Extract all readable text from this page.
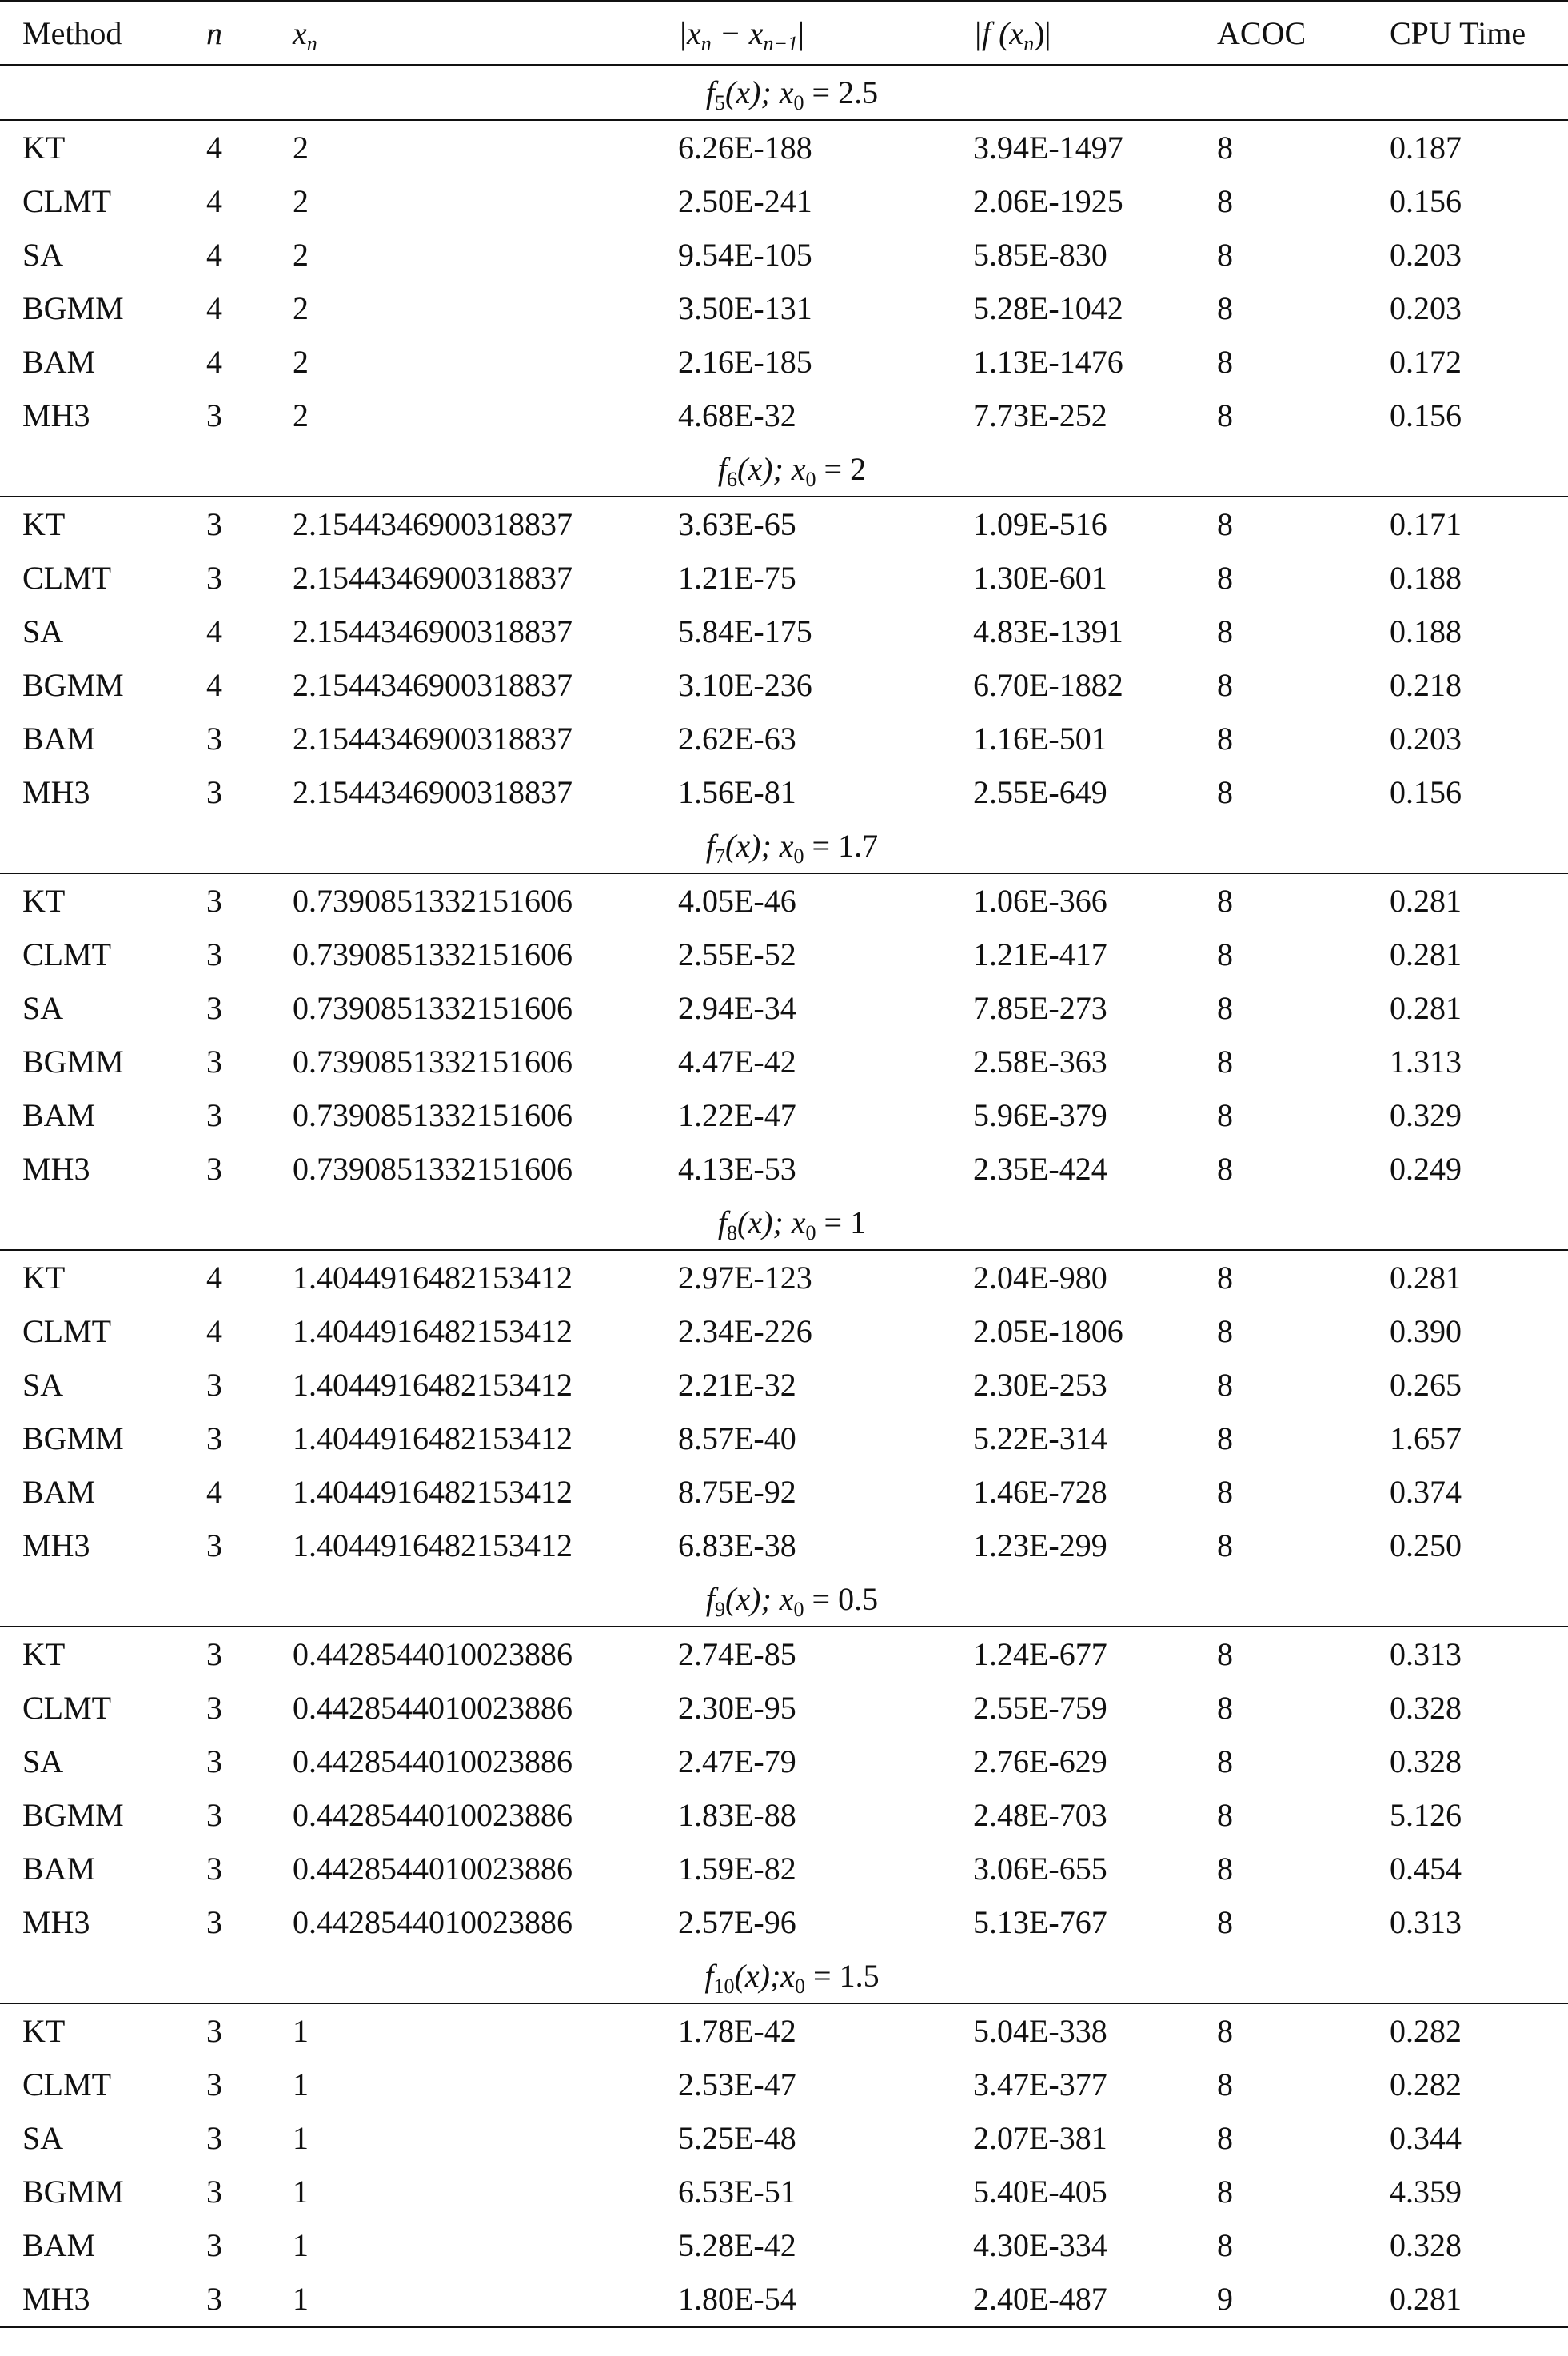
Method	n $x_n$	$|x_n - x_{n-1}|$	|f $(x_n)|$	ACOC	CPU Time
$f_5(x)$; $x_0 = 2.5$
KT	4 2	6.26E-188	3.94E-1497	8	0.187
CLMT	4 2	2.50E-241	2.06E-1925	8	0.156
SA	4 2	9.54E-105	5.85E-830	8	0.203
BGMM	4 2	3.50E-131	5.28E-1042	8	0.203
BAM	4 2	2.16E-185	1.13E-1476	8	0.172
MH3	3 2	4.68E-32	7.73E-252	8	0.156
$f_6(x)$; $x_0 = 2$
KT	3 2.1544346900318837	3.63E-65	1.09E-516	8	0.171
CLMT	3 2.1544346900318837	1.21E-75	1.30E-601	8	0.188
SA	4 2.1544346900318837	5.84E-175	4.83E-1391	8	0.188
BGMM	4 2.1544346900318837	3.10E-236	6.70E-1882	8	0.218
BAM	3 2.1544346900318837	2.62E-63	1.16E-501	8	0.203
MH3	3 2.1544346900318837	1.56E-81	2.55E-649	8	0.156
$f_7(x)$; $x_0 = 1.7$
KT	3 0.7390851332151606	4.05E-46	1.06E-366	8	0.281
CLMT	3 0.7390851332151606	2.55E-52	1.21E-417	8	0.281
SA	3 0.7390851332151606	2.94E-34	7.85E-273	8	0.281
BGMM	3 0.7390851332151606	4.47E-42	2.58E-363	8	1.313
BAM	3 0.7390851332151606	1.22E-47	5.96E-379	8	0.329
MH3	3 0.7390851332151606	4.13E-53	2.35E-424	8	0.249
$f_8(x)$; $x_0 = 1$
KT	4 1.4044916482153412	2.97E-123	2.04E-980	8	0.281
CLMT	4 1.4044916482153412	2.34E-226	2.05E-1806	8	0.390
SA	3 1.4044916482153412	2.21E-32	2.30E-253	8	0.265
BGMM	3 1.4044916482153412	8.57E-40	5.22E-314	8	1.657
BAM	4 1.4044916482153412	8.75E-92	1.46E-728	8	0.374
MH3	3 1.4044916482153412	6.83E-38	1.23E-299	8	0.250
$f_9(x)$; $x_0 = 0.5$
KT	3 0.4428544010023886	2.74E-85	1.24E-677	8	0.313
CLMT	3 0.4428544010023886	2.30E-95	2.55E-759	8	0.328
SA	3 0.4428544010023886	2.47E-79	2.76E-629	8	0.328
BGMM	3 0.4428544010023886	1.83E-88	2.48E-703	8	5.126
BAM	3 0.4428544010023886	1.59E-82	3.06E-655	8	0.454
MH3	3 0.4428544010023886	2.57E-96	5.13E-767	8	0.313
$f_{10}(x);x_0 = 1.5$
KT	3 1	1.78E-42	5.04E-338	8	0.282
CLMT	3 1	2.53E-47	3.47E-377	8	0.282
SA	3 1	5.25E-48	2.07E-381	8	0.344
BGMM	3 1	6.53E-51	5.40E-405	8	4.359
BAM	3 1	5.28E-42	4.30E-334	8	0.328
MH3	3 1	1.80E-54	2.40E-487	9	0.281
